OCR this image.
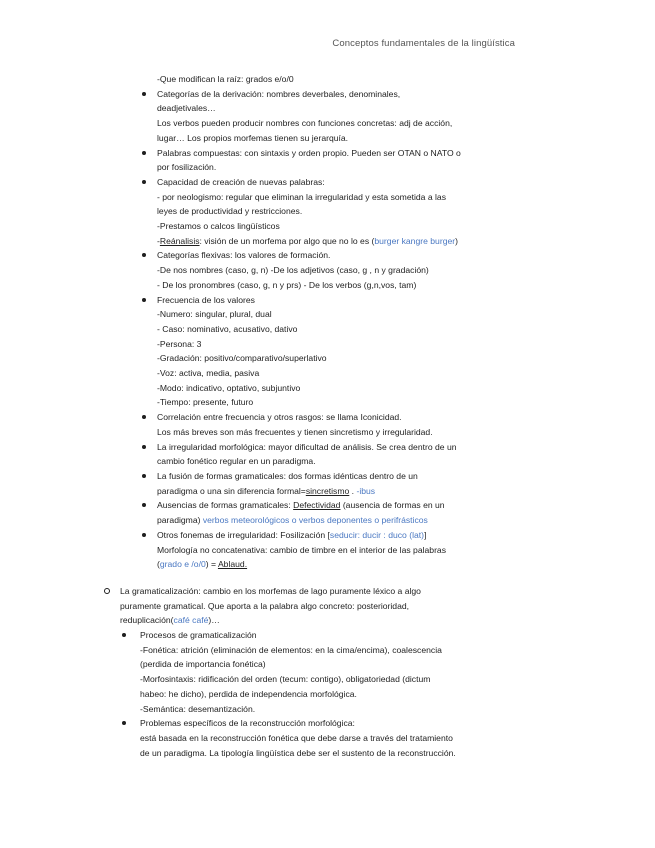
Conceptos fundamentales de la lingüística
-Que modifican la raíz: grados e/o/0
Categorías de la derivación: nombres deverbales, denominales,
deadjetivales…
Los verbos pueden producir nombres con funciones concretas: adj de acción,
lugar… Los propios morfemas tienen su jerarquía.
Palabras compuestas: con sintaxis y orden propio. Pueden ser OTAN o NATO o
por fosilización.
Capacidad de creación de nuevas palabras:
- por neologismo: regular que eliminan la irregularidad y esta sometida a las
leyes de productividad y restricciones.
-Prestamos o calcos lingüísticos
-Reánalisis: visión de un morfema por algo que no lo es (burger kangre burger)
Categorías flexivas: los valores de formación.
-De nos nombres (caso, g, n) -De los adjetivos (caso, g , n y gradación)
- De los pronombres (caso, g, n y prs) - De los verbos (g,n,vos, tam)
Frecuencia de los valores
-Numero: singular, plural, dual
- Caso: nominativo, acusativo, dativo
-Persona: 3
-Gradación: positivo/comparativo/superlativo
-Voz: activa, media, pasiva
-Modo: indicativo, optativo, subjuntivo
-Tiempo: presente, futuro
Correlación entre frecuencia y otros rasgos: se llama Iconicidad.
Los más breves son más frecuentes y tienen sincretismo y irregularidad.
La irregularidad morfológica: mayor dificultad de análisis. Se crea dentro de un
cambio fonético regular en un paradigma.
La fusión de formas gramaticales: dos formas idénticas dentro de un
paradigma o una sin diferencia formal=sincretismo . -ibus
Ausencias de formas gramaticales: Defectividad (ausencia de formas en un
paradigma) verbos meteorológicos o verbos deponentes o perifrásticos
Otros fonemas de irregularidad: Fosilización [seducir: ducir : duco (lat)]
Morfología no concatenativa: cambio de timbre en el interior de las palabras
(grado e /o/0) = Ablaud.
La gramaticalización: cambio en los morfemas de lago puramente léxico a algo
puramente gramatical. Que aporta a la palabra algo concreto: posterioridad,
reduplicación(café café)…
Procesos de gramaticalización
-Fonética: atrición (eliminación de elementos: en la cima/encima), coalescencia
(perdida de importancia fonética)
-Morfosintaxis: ridificación del orden (tecum: contigo), obligatoriedad (dictum
habeo: he dicho), perdida de independencia morfológica.
-Semántica: desemantización.
Problemas específicos de la reconstrucción morfológica:
está basada en la reconstrucción fonética que debe darse a través del tratamiento
de un paradigma. La tipología lingüística debe ser el sustento de la reconstrucción.
